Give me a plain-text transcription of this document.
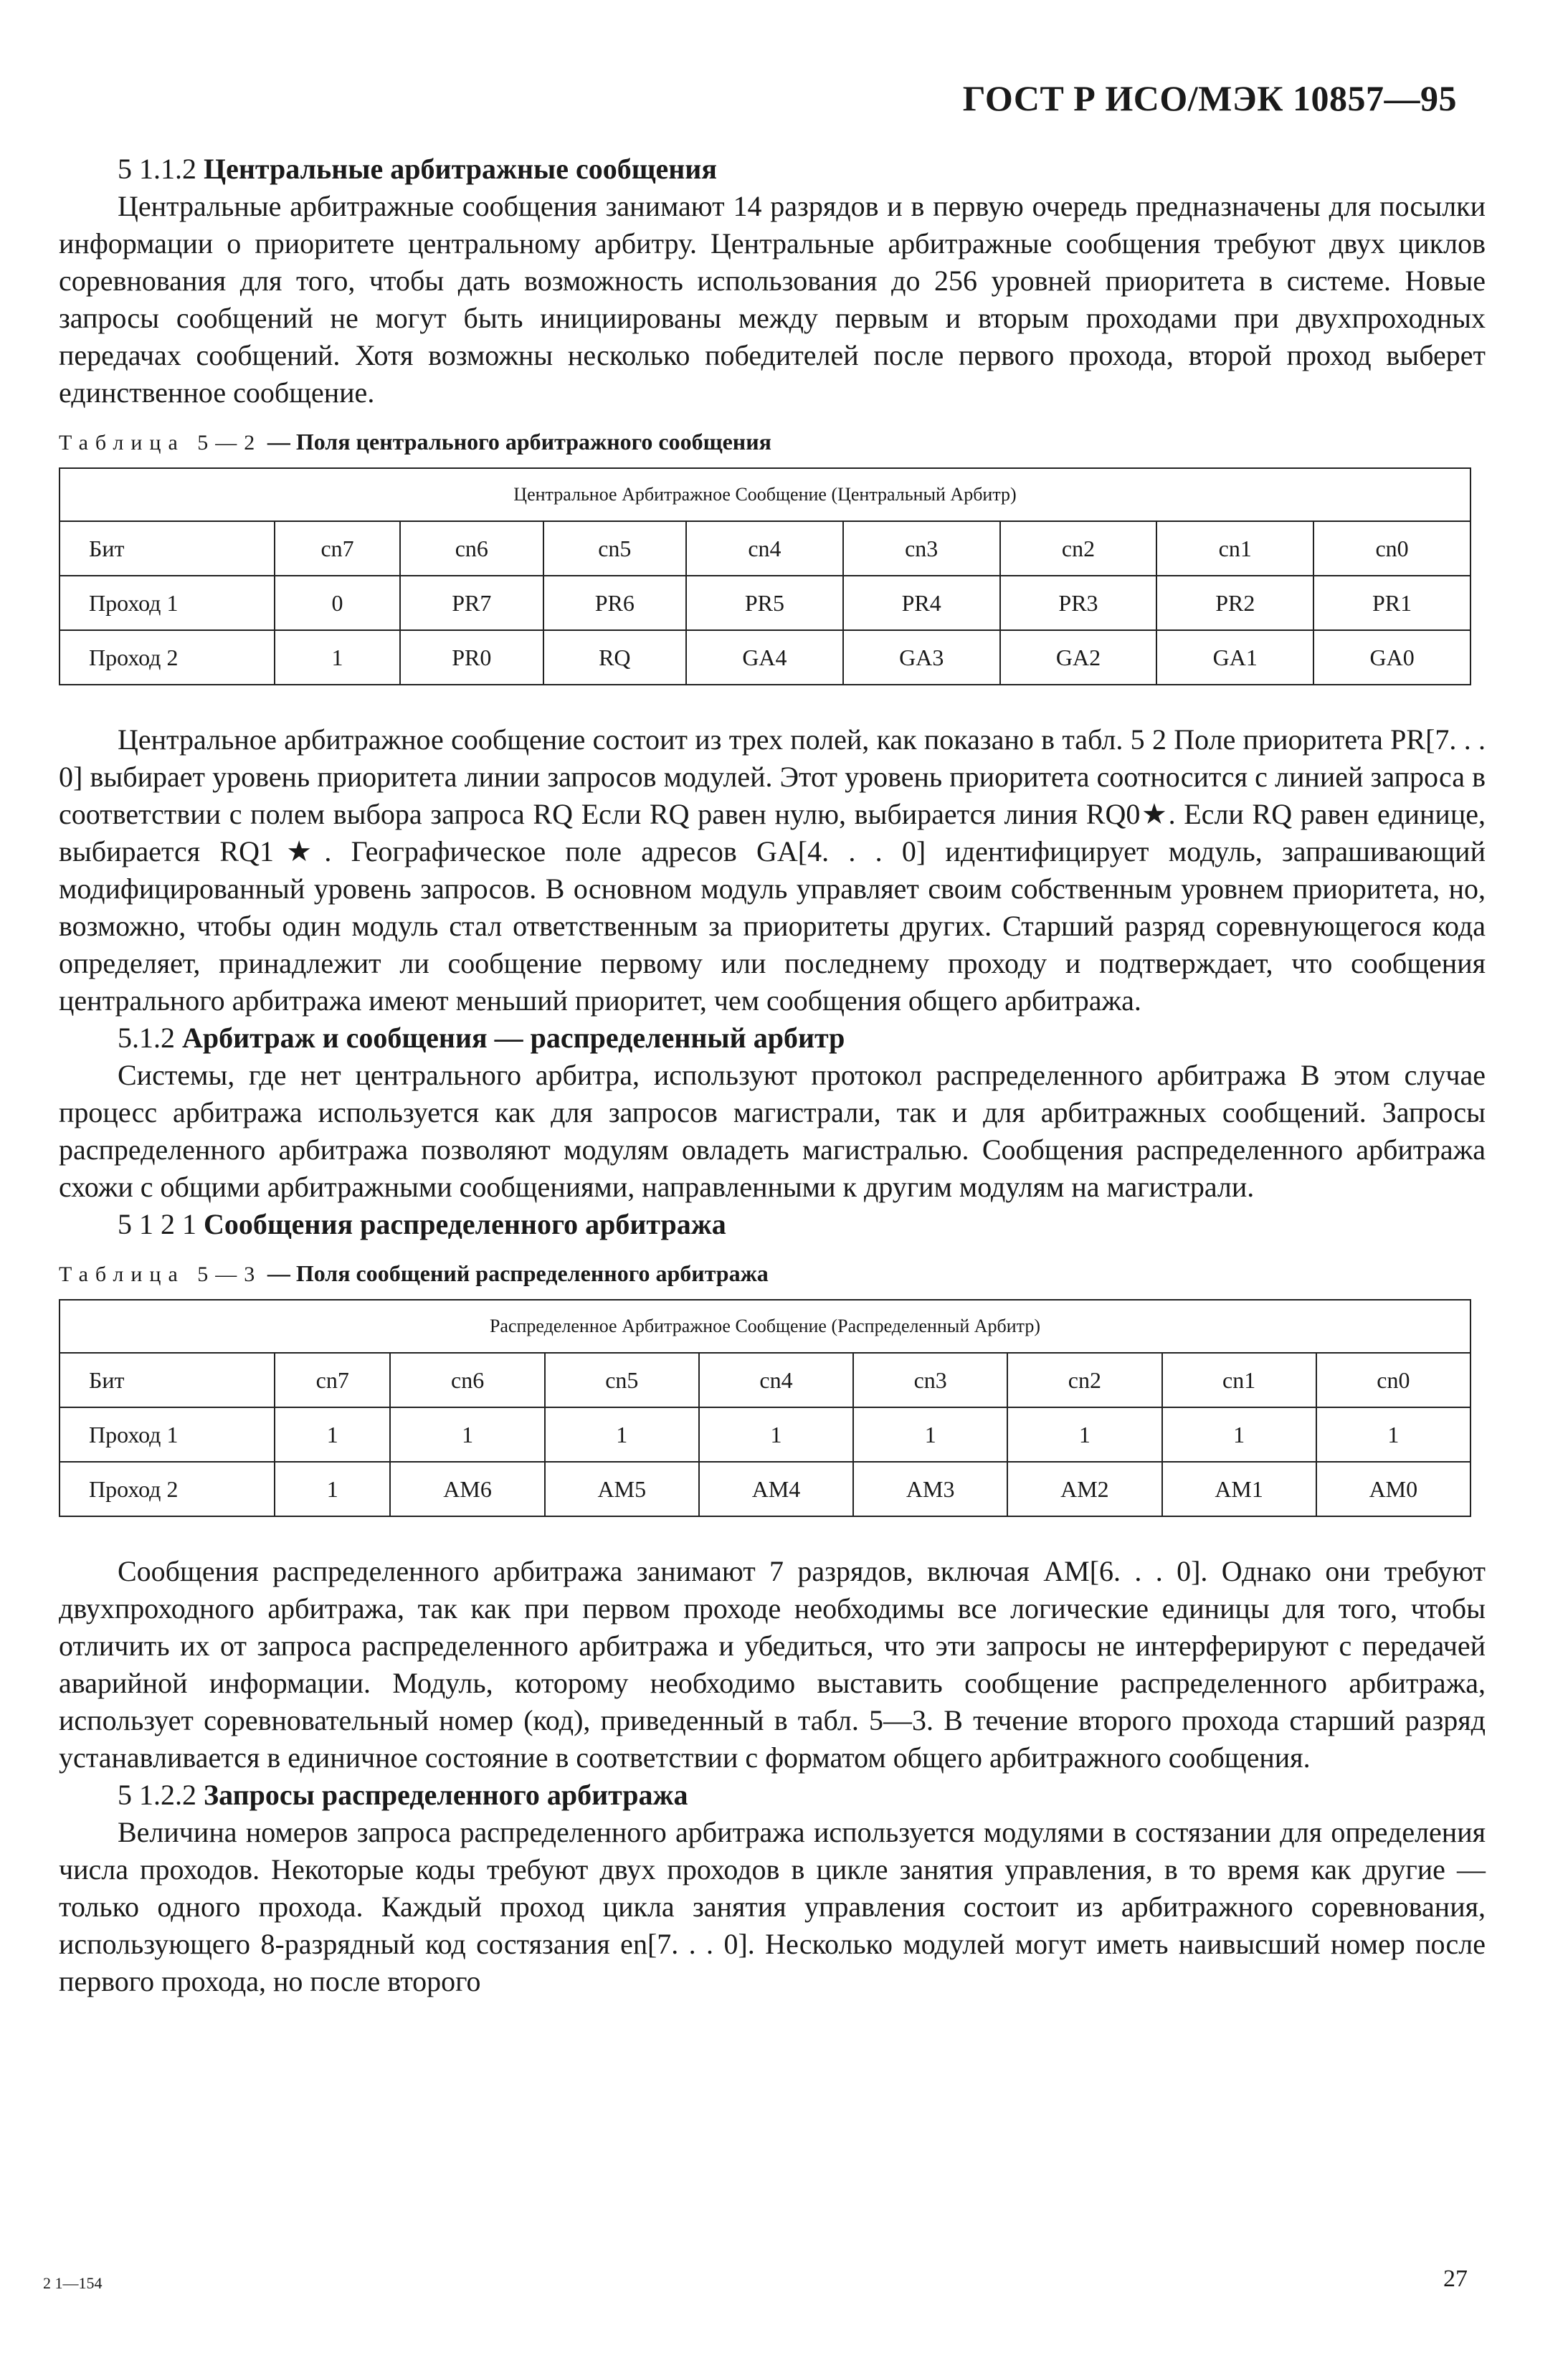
ГОСТ Р ИСО/МЭК 10857—95

5 1.1.2 Центральные арбитражные сообщения

Центральные арбитражные сообщения занимают 14 разрядов и в первую очередь предназначены для посылки информации о приоритете центральному арбитру. Центральные арбитражные сообщения требуют двух циклов соревнования для того, чтобы дать возможность использования до 256 уровней приоритета в системе. Новые запросы сообщений не могут быть инициированы между первым и вторым проходами при двухпроходных передачах сообщений. Хотя возможны несколько победителей после первого прохода, второй проход выберет единственное сообщение.

Таблица 5—2 — Поля центрального арбитражного сообщения
Центральное Арбитражное Сообщение (Центральный Арбитр)								
Бит	cn7	cn6	cn5	cn4	cn3	cn2	cn1	cn0
Проход 1	0	PR7	PR6	PR5	PR4	PR3	PR2	PR1
Проход 2	1	PR0	RQ	GA4	GA3	GA2	GA1	GA0

Центральное арбитражное сообщение состоит из трех полей, как показано в табл. 5 2 Поле приоритета PR[7. . . 0] выбирает уровень приоритета линии запросов модулей. Этот уровень приоритета соотносится с линией запроса в соответствии с полем выбора запроса RQ Если RQ равен нулю, выбирается линия RQ0★. Если RQ равен единице, выбирается RQ1★. Географическое поле адресов GA[4. . . 0] идентифицирует модуль, запрашивающий модифицированный уровень запросов. В основном модуль управляет своим собственным уровнем приоритета, но, возможно, чтобы один модуль стал ответственным за приоритеты других. Старший разряд соревнующегося кода определяет, принадлежит ли сообщение первому или последнему проходу и подтверждает, что сообщения центрального арбитража имеют меньший приоритет, чем сообщения общего арбитража.

5.1.2 Арбитраж и сообщения — распределенный арбитр

Системы, где нет центрального арбитра, используют протокол распределенного арбитража В этом случае процесс арбитража используется как для запросов магистрали, так и для арбитражных сообщений. Запросы распределенного арбитража позволяют модулям овладеть магистралью. Сообщения распределенного арбитража схожи с общими арбитражными сообщениями, направленными к другим модулям на магистрали.

5 1 2 1 Сообщения распределенного арбитража

Таблица 5—3 — Поля сообщений распределенного арбитража
Распределенное Арбитражное Сообщение (Распределенный Арбитр)								
Бит	cn7	cn6	cn5	cn4	cn3	cn2	cn1	cn0
Проход 1	1	1	1	1	1	1	1	1
Проход 2	1	AM6	AM5	AM4	AM3	AM2	AM1	AM0

Сообщения распределенного арбитража занимают 7 разрядов, включая AM[6. . . 0]. Однако они требуют двухпроходного арбитража, так как при первом проходе необходимы все логические единицы для того, чтобы отличить их от запроса распределенного арбитража и убедиться, что эти запросы не интерферируют с передачей аварийной информации. Модуль, которому необходимо выставить сообщение распределенного арбитража, использует соревновательный номер (код), приведенный в табл. 5—3. В течение второго прохода старший разряд устанавливается в единичное состояние в соответствии с форматом общего арбитражного сообщения.

5 1.2.2 Запросы распределенного арбитража

Величина номеров запроса распределенного арбитража используется модулями в состязании для определения числа проходов. Некоторые коды требуют двух проходов в цикле занятия управления, в то время как другие — только одного прохода. Каждый проход цикла занятия управления состоит из арбитражного соревнования, использующего 8-разрядный код состязания en[7. . . 0]. Несколько модулей могут иметь наивысший номер после первого прохода, но после второго

2 1—154	27
